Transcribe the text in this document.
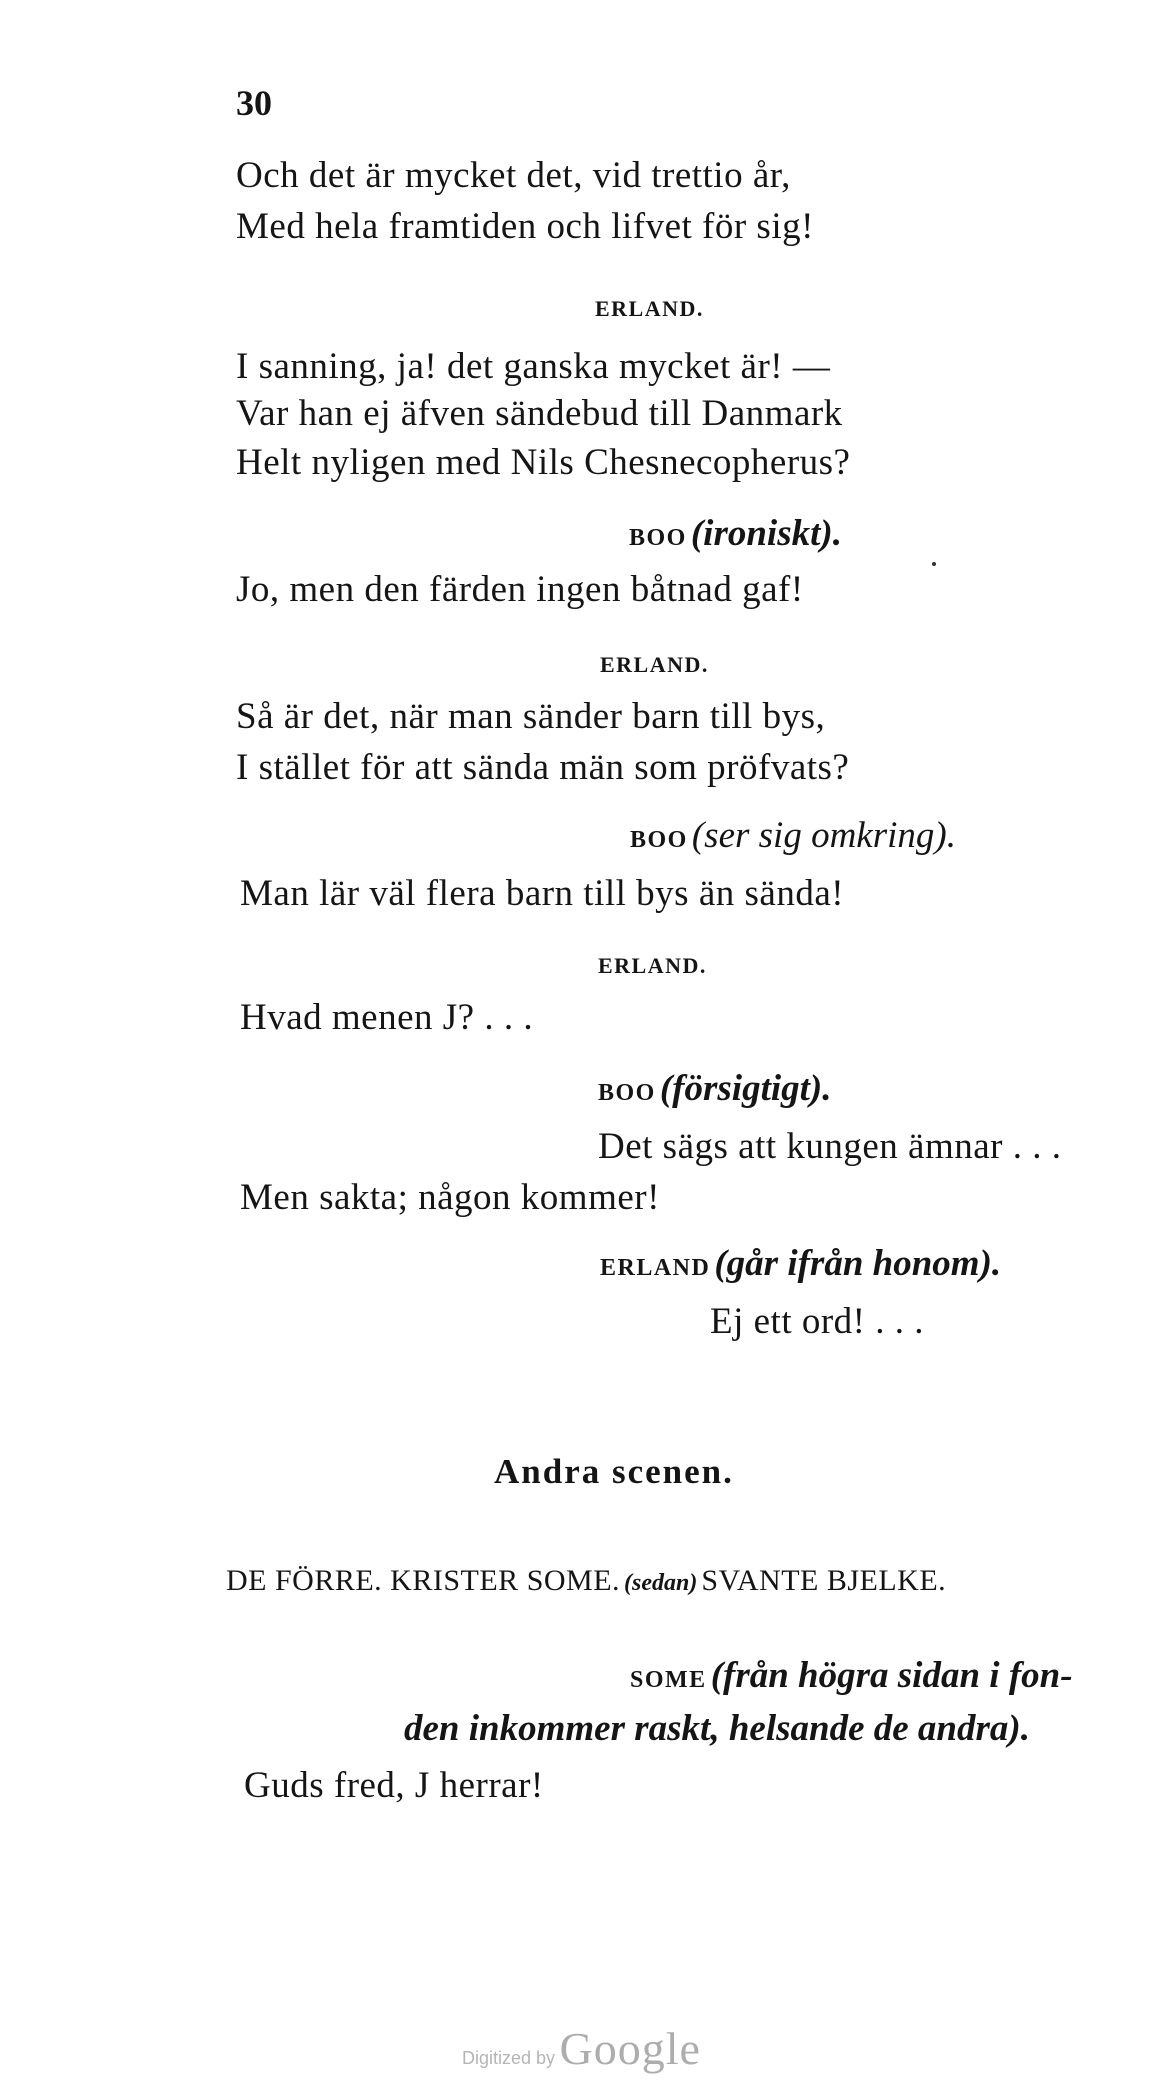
30
Och det är mycket det, vid trettio år,
Med hela framtiden och lifvet för sig!
ERLAND.
I sanning, ja! det ganska mycket är! —
Var han ej äfven sändebud till Danmark
Helt nyligen med Nils Chesnecopherus?
BOO (ironiskt).
Jo, men den färden ingen båtnad gaf!
ERLAND.
Så är det, när man sänder barn till bys,
I stället för att sända män som pröfvats?
BOO (ser sig omkring).
Man lär väl flera barn till bys än sända!
ERLAND.
Hvad menen J? . . .
BOO (försigtigt).
Det sägs att kungen ämnar . . .
Men sakta; någon kommer!
ERLAND (går ifrån honom).
Ej ett ord! . . .
Andra scenen.
DE FÖRRE. KRISTER SOME. (sedan) SVANTE BJELKE.
SOME (från högra sidan i fon-
den inkommer raskt, helsande de andra).
Guds fred, J herrar!
Digitized by Google
